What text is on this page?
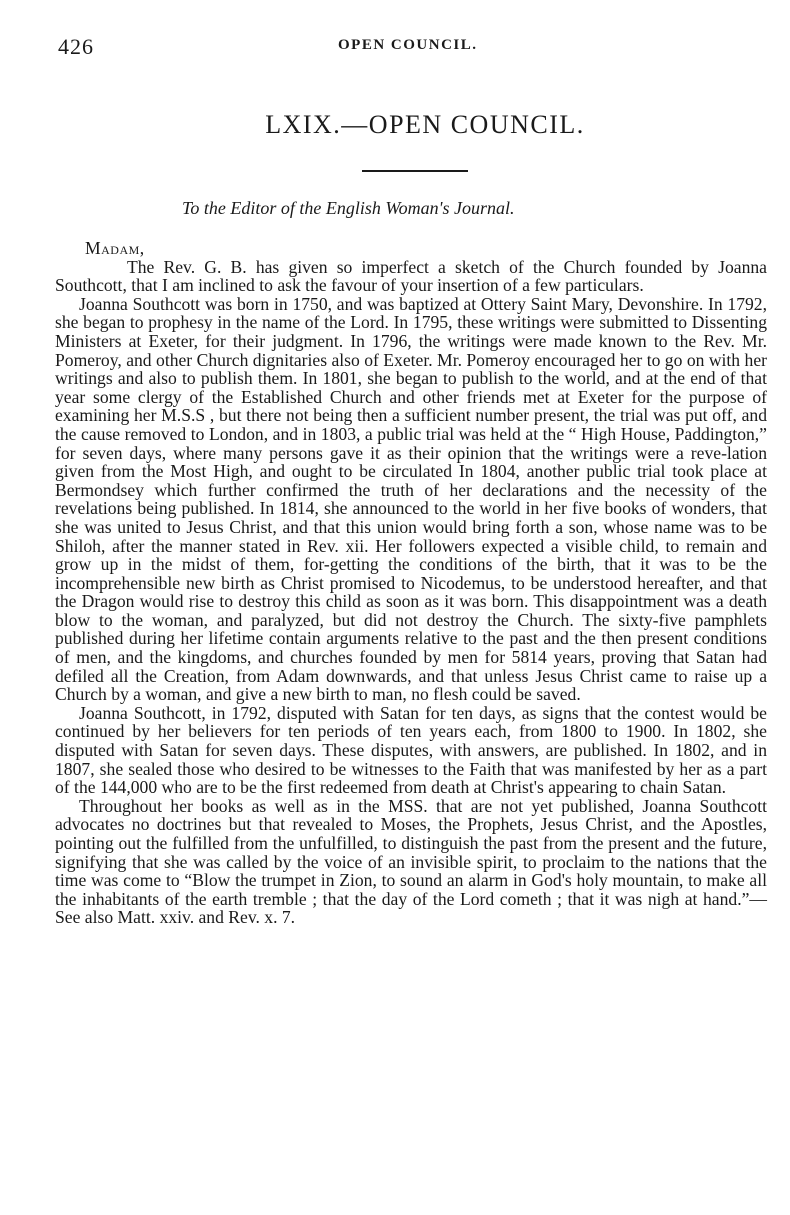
426	OPEN COUNCIL.
LXIX.—OPEN COUNCIL.
To the Editor of the English Woman's Journal.

Madam,

The Rev. G. B. has given so imperfect a sketch of the Church founded by Joanna Southcott, that I am inclined to ask the favour of your insertion of a few particulars.

Joanna Southcott was born in 1750, and was baptized at Ottery Saint Mary, Devonshire. In 1792, she began to prophesy in the name of the Lord. In 1795, these writings were submitted to Dissenting Ministers at Exeter, for their judgment. In 1796, the writings were made known to the Rev. Mr. Pomeroy, and other Church dignitaries also of Exeter. Mr. Pomeroy encouraged her to go on with her writings and also to publish them. In 1801, she began to publish to the world, and at the end of that year some clergy of the Established Church and other friends met at Exeter for the purpose of examining her M.S.S , but there not being then a sufficient number present, the trial was put off, and the cause removed to London, and in 1803, a public trial was held at the “ High House, Paddington,” for seven days, where many persons gave it as their opinion that the writings were a reve-lation given from the Most High, and ought to be circulated In 1804, another public trial took place at Bermondsey which further confirmed the truth of her declarations and the necessity of the revelations being published. In 1814, she announced to the world in her five books of wonders, that she was united to Jesus Christ, and that this union would bring forth a son, whose name was to be Shiloh, after the manner stated in Rev. xii. Her followers expected a visible child, to remain and grow up in the midst of them, for-getting the conditions of the birth, that it was to be the incomprehensible new birth as Christ promised to Nicodemus, to be understood hereafter, and that the Dragon would rise to destroy this child as soon as it was born. This disappointment was a death blow to the woman, and paralyzed, but did not destroy the Church. The sixty-five pamphlets published during her lifetime contain arguments relative to the past and the then present conditions of men, and the kingdoms, and churches founded by men for 5814 years, proving that Satan had defiled all the Creation, from Adam downwards, and that unless Jesus Christ came to raise up a Church by a woman, and give a new birth to man, no flesh could be saved.

Joanna Southcott, in 1792, disputed with Satan for ten days, as signs that the contest would be continued by her believers for ten periods of ten years each, from 1800 to 1900. In 1802, she disputed with Satan for seven days. These disputes, with answers, are published. In 1802, and in 1807, she sealed those who desired to be witnesses to the Faith that was manifested by her as a part of the 144,000 who are to be the first redeemed from death at Christ's appearing to chain Satan.

Throughout her books as well as in the MSS. that are not yet published, Joanna Southcott advocates no doctrines but that revealed to Moses, the Prophets, Jesus Christ, and the Apostles, pointing out the fulfilled from the unfulfilled, to distinguish the past from the present and the future, signifying that she was called by the voice of an invisible spirit, to proclaim to the nations that the time was come to “Blow the trumpet in Zion, to sound an alarm in God's holy mountain, to make all the inhabitants of the earth tremble ; that the day of the Lord cometh ; that it was nigh at hand.”—See also Matt. xxiv. and Rev. x. 7.
